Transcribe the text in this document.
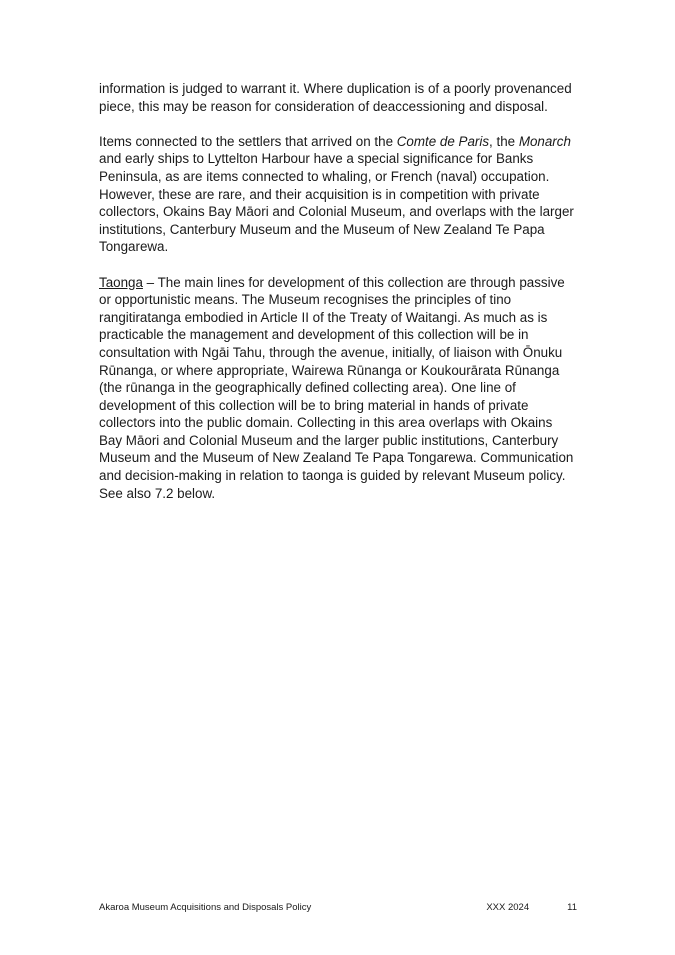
information is judged to warrant it. Where duplication is of a poorly provenanced piece, this may be reason for consideration of deaccessioning and disposal.

Items connected to the settlers that arrived on the Comte de Paris, the Monarch and early ships to Lyttelton Harbour have a special significance for Banks Peninsula, as are items connected to whaling, or French (naval) occupation. However, these are rare, and their acquisition is in competition with private collectors, Okains Bay Māori and Colonial Museum, and overlaps with the larger institutions, Canterbury Museum and the Museum of New Zealand Te Papa Tongarewa.

Taonga – The main lines for development of this collection are through passive or opportunistic means. The Museum recognises the principles of tino rangitiratanga embodied in Article II of the Treaty of Waitangi. As much as is practicable the management and development of this collection will be in consultation with Ngāi Tahu, through the avenue, initially, of liaison with Ōnuku Rūnanga, or where appropriate, Wairewa Rūnanga or Koukourārata Rūnanga (the rūnanga in the geographically defined collecting area). One line of development of this collection will be to bring material in hands of private collectors into the public domain. Collecting in this area overlaps with Okains Bay Māori and Colonial Museum and the larger public institutions, Canterbury Museum and the Museum of New Zealand Te Papa Tongarewa. Communication and decision-making in relation to taonga is guided by relevant Museum policy. See also 7.2 below.

Akaroa Museum Acquisitions and Disposals Policy	XXX 2024	11
